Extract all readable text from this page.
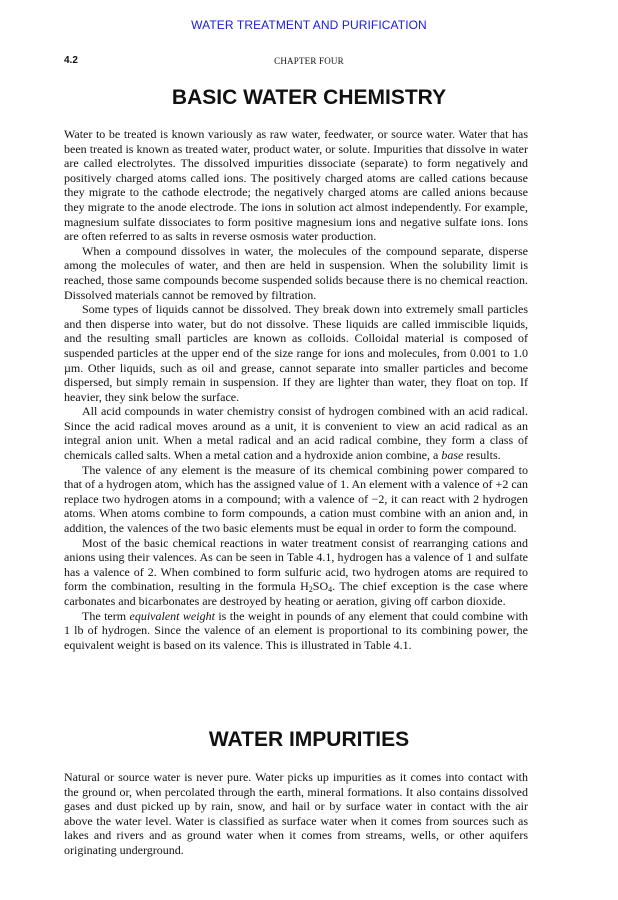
WATER TREATMENT AND PURIFICATION
4.2	CHAPTER FOUR
BASIC WATER CHEMISTRY

Water to be treated is known variously as raw water, feedwater, or source water. Water that has been treated is known as treated water, product water, or solute. Impurities that dissolve in water are called electrolytes. The dissolved impurities dissociate (separate) to form negatively and positively charged atoms called ions. The positively charged atoms are called cations because they migrate to the cathode electrode; the negatively charged atoms are called anions because they migrate to the anode electrode. The ions in solution act almost independently. For example, magnesium sulfate dissociates to form positive magnesium ions and negative sulfate ions. Ions are often referred to as salts in reverse osmosis water production.

When a compound dissolves in water, the molecules of the compound separate, disperse among the molecules of water, and then are held in suspension. When the solubility limit is reached, those same compounds become suspended solids because there is no chemical reaction. Dissolved materials cannot be removed by filtration.

Some types of liquids cannot be dissolved. They break down into extremely small particles and then disperse into water, but do not dissolve. These liquids are called immiscible liquids, and the resulting small particles are known as colloids. Colloidal material is composed of suspended particles at the upper end of the size range for ions and molecules, from 0.001 to 1.0 µm. Other liquids, such as oil and grease, cannot separate into smaller particles and become dispersed, but simply remain in suspension. If they are lighter than water, they float on top. If heavier, they sink below the surface.

All acid compounds in water chemistry consist of hydrogen combined with an acid radical. Since the acid radical moves around as a unit, it is convenient to view an acid radical as an integral anion unit. When a metal radical and an acid radical combine, they form a class of chemicals called salts. When a metal cation and a hydroxide anion combine, a base results.

The valence of any element is the measure of its chemical combining power compared to that of a hydrogen atom, which has the assigned value of 1. An element with a valence of +2 can replace two hydrogen atoms in a compound; with a valence of −2, it can react with 2 hydrogen atoms. When atoms combine to form compounds, a cation must combine with an anion and, in addition, the valences of the two basic elements must be equal in order to form the compound.

Most of the basic chemical reactions in water treatment consist of rearranging cations and anions using their valences. As can be seen in Table 4.1, hydrogen has a valence of 1 and sulfate has a valence of 2. When combined to form sulfuric acid, two hydrogen atoms are required to form the combination, resulting in the formula $H_2SO_4$. The chief exception is the case where carbonates and bicarbonates are destroyed by heating or aeration, giving off carbon dioxide.

The term equivalent weight is the weight in pounds of any element that could combine with 1 lb of hydrogen. Since the valence of an element is proportional to its combining power, the equivalent weight is based on its valence. This is illustrated in Table 4.1.

WATER IMPURITIES

Natural or source water is never pure. Water picks up impurities as it comes into contact with the ground or, when percolated through the earth, mineral formations. It also contains dissolved gases and dust picked up by rain, snow, and hail or by surface water in contact with the air above the water level. Water is classified as surface water when it comes from sources such as lakes and rivers and as ground water when it comes from streams, wells, or other aquifers originating underground.
